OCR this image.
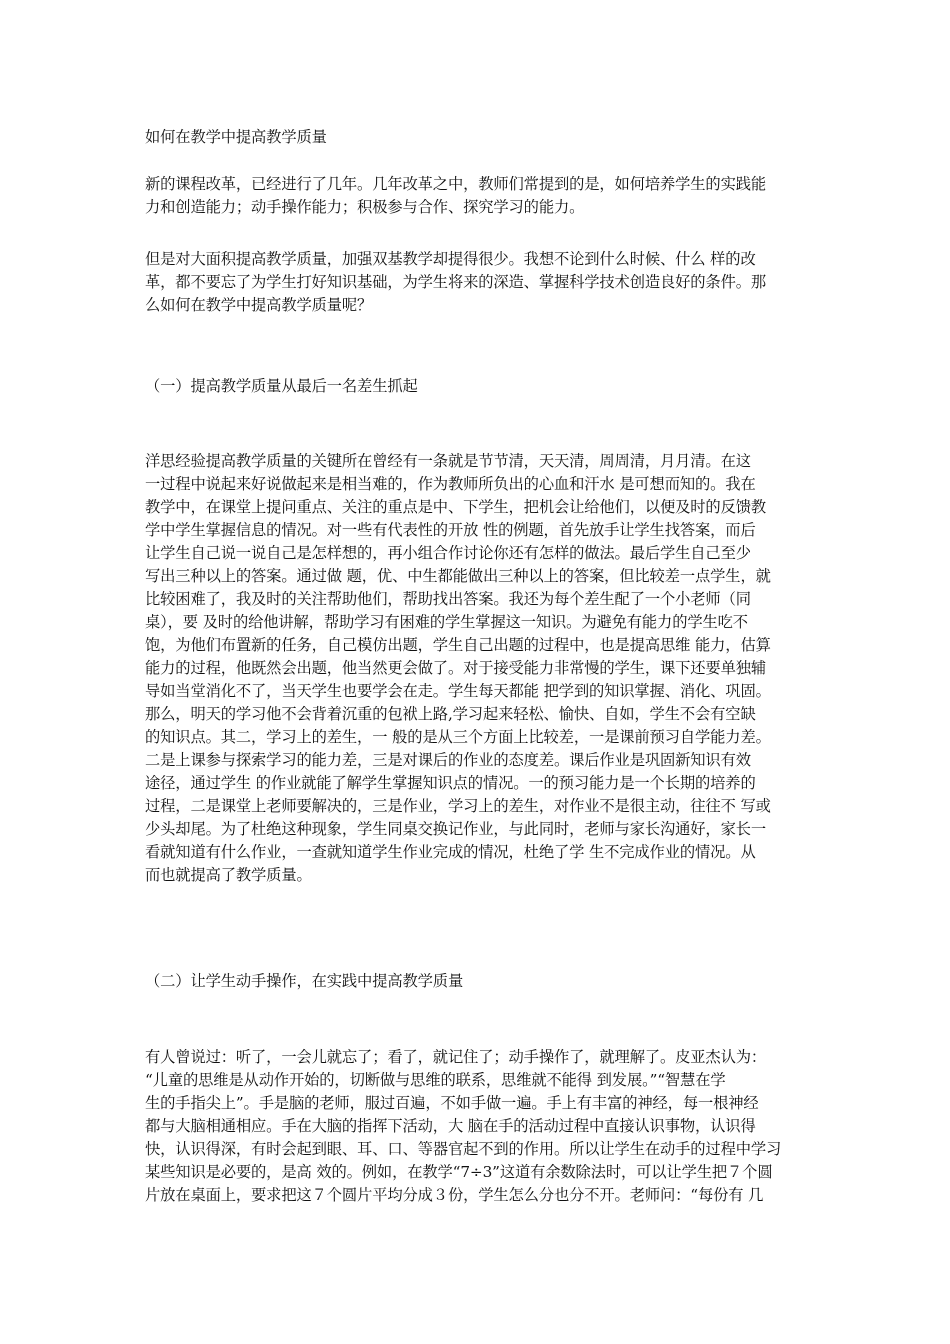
如何在教学中提高教学质量
新的课程改革，已经进行了几年。几年改革之中，教师们常提到的是，如何培养学生的实践能
力和创造能力；动手操作能力；积极参与合作、探究学习的能力。
但是对大面积提高教学质量，加强双基教学却提得很少。我想不论到什么时候、什么 样的改
革，都不要忘了为学生打好知识基础，为学生将来的深造、掌握科学技术创造良好的条件。那
么如何在教学中提高教学质量呢？
（一）提高教学质量从最后一名差生抓起
洋思经验提高教学质量的关键所在曾经有一条就是节节清，天天清，周周清，月月清。在这
一过程中说起来好说做起来是相当难的，作为教师所负出的心血和汗水 是可想而知的。我在
教学中，在课堂上提问重点、关注的重点是中、下学生，把机会让给他们，以便及时的反馈教
学中学生掌握信息的情况。对一些有代表性的开放 性的例题，首先放手让学生找答案，而后
让学生自己说一说自己是怎样想的，再小组合作讨论你还有怎样的做法。最后学生自己至少
写出三种以上的答案。通过做 题，优、中生都能做出三种以上的答案，但比较差一点学生，就
比较困难了，我及时的关注帮助他们，帮助找出答案。我还为每个差生配了一个小老师（同
桌），要 及时的给他讲解，帮助学习有困难的学生掌握这一知识。为避免有能力的学生吃不
饱，为他们布置新的任务，自己模仿出题，学生自己出题的过程中，也是提高思维 能力，估算
能力的过程，他既然会出题，他当然更会做了。对于接受能力非常慢的学生，课下还要单独辅
导如当堂消化不了，当天学生也要学会在走。学生每天都能 把学到的知识掌握、消化、巩固。
那么，明天的学习他不会背着沉重的包袱上路,学习起来轻松、愉快、自如，学生不会有空缺
的知识点。其二，学习上的差生，一 般的是从三个方面上比较差，一是课前预习自学能力差。
二是上课参与探索学习的能力差，三是对课后的作业的态度差。课后作业是巩固新知识有效
途径，通过学生 的作业就能了解学生掌握知识点的情况。一的预习能力是一个长期的培养的
过程，二是课堂上老师要解决的，三是作业，学习上的差生，对作业不是很主动，往往不 写或
少头却尾。为了杜绝这种现象，学生同桌交换记作业，与此同时，老师与家长沟通好，家长一
看就知道有什么作业，一查就知道学生作业完成的情况，杜绝了学 生不完成作业的情况。从
而也就提高了教学质量。
（二）让学生动手操作，在实践中提高教学质量
有人曾说过：听了，一会儿就忘了；看了，就记住了；动手操作了，就理解了。皮亚杰认为：
“儿童的思维是从动作开始的，切断做与思维的联系，思维就不能得 到发展。”“智慧在学
生的手指尖上”。手是脑的老师，服过百遍，不如手做一遍。手上有丰富的神经，每一根神经
都与大脑相通相应。手在大脑的指挥下活动，大 脑在手的活动过程中直接认识事物，认识得
快，认识得深，有时会起到眼、耳、口、等器官起不到的作用。所以让学生在动手的过程中学习
某些知识是必要的，是高 效的。例如，在教学“7÷3”这道有余数除法时，可以让学生把７个圆
片放在桌面上，要求把这７个圆片平均分成３份，学生怎么分也分不开。老师问：“每份有 几
